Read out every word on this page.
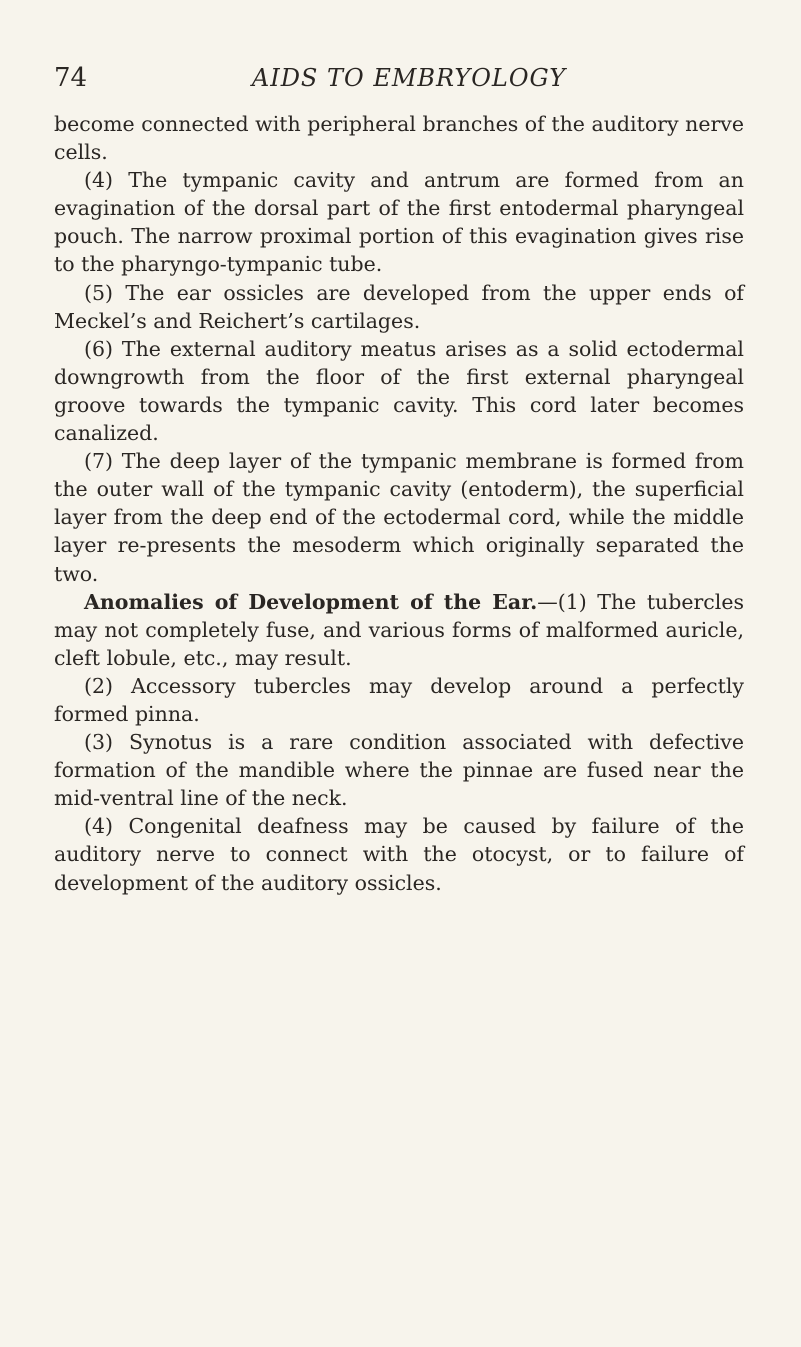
74	AIDS TO EMBRYOLOGY

become connected with peripheral branches of the auditory nerve cells.

(4) The tympanic cavity and antrum are formed from an evagination of the dorsal part of the first entodermal pharyngeal pouch. The narrow proximal portion of this evagination gives rise to the pharyngo-tympanic tube.

(5) The ear ossicles are developed from the upper ends of Meckel’s and Reichert’s cartilages.

(6) The external auditory meatus arises as a solid ectodermal downgrowth from the floor of the first external pharyngeal groove towards the tympanic cavity. This cord later becomes canalized.

(7) The deep layer of the tympanic membrane is formed from the outer wall of the tympanic cavity (entoderm), the superficial layer from the deep end of the ectodermal cord, while the middle layer re-presents the mesoderm which originally separated the two.

Anomalies of Development of the Ear.—(1) The tubercles may not completely fuse, and various forms of malformed auricle, cleft lobule, etc., may result.

(2) Accessory tubercles may develop around a perfectly formed pinna.

(3) Synotus is a rare condition associated with defective formation of the mandible where the pinnae are fused near the mid-ventral line of the neck.

(4) Congenital deafness may be caused by failure of the auditory nerve to connect with the otocyst, or to failure of development of the auditory ossicles.
